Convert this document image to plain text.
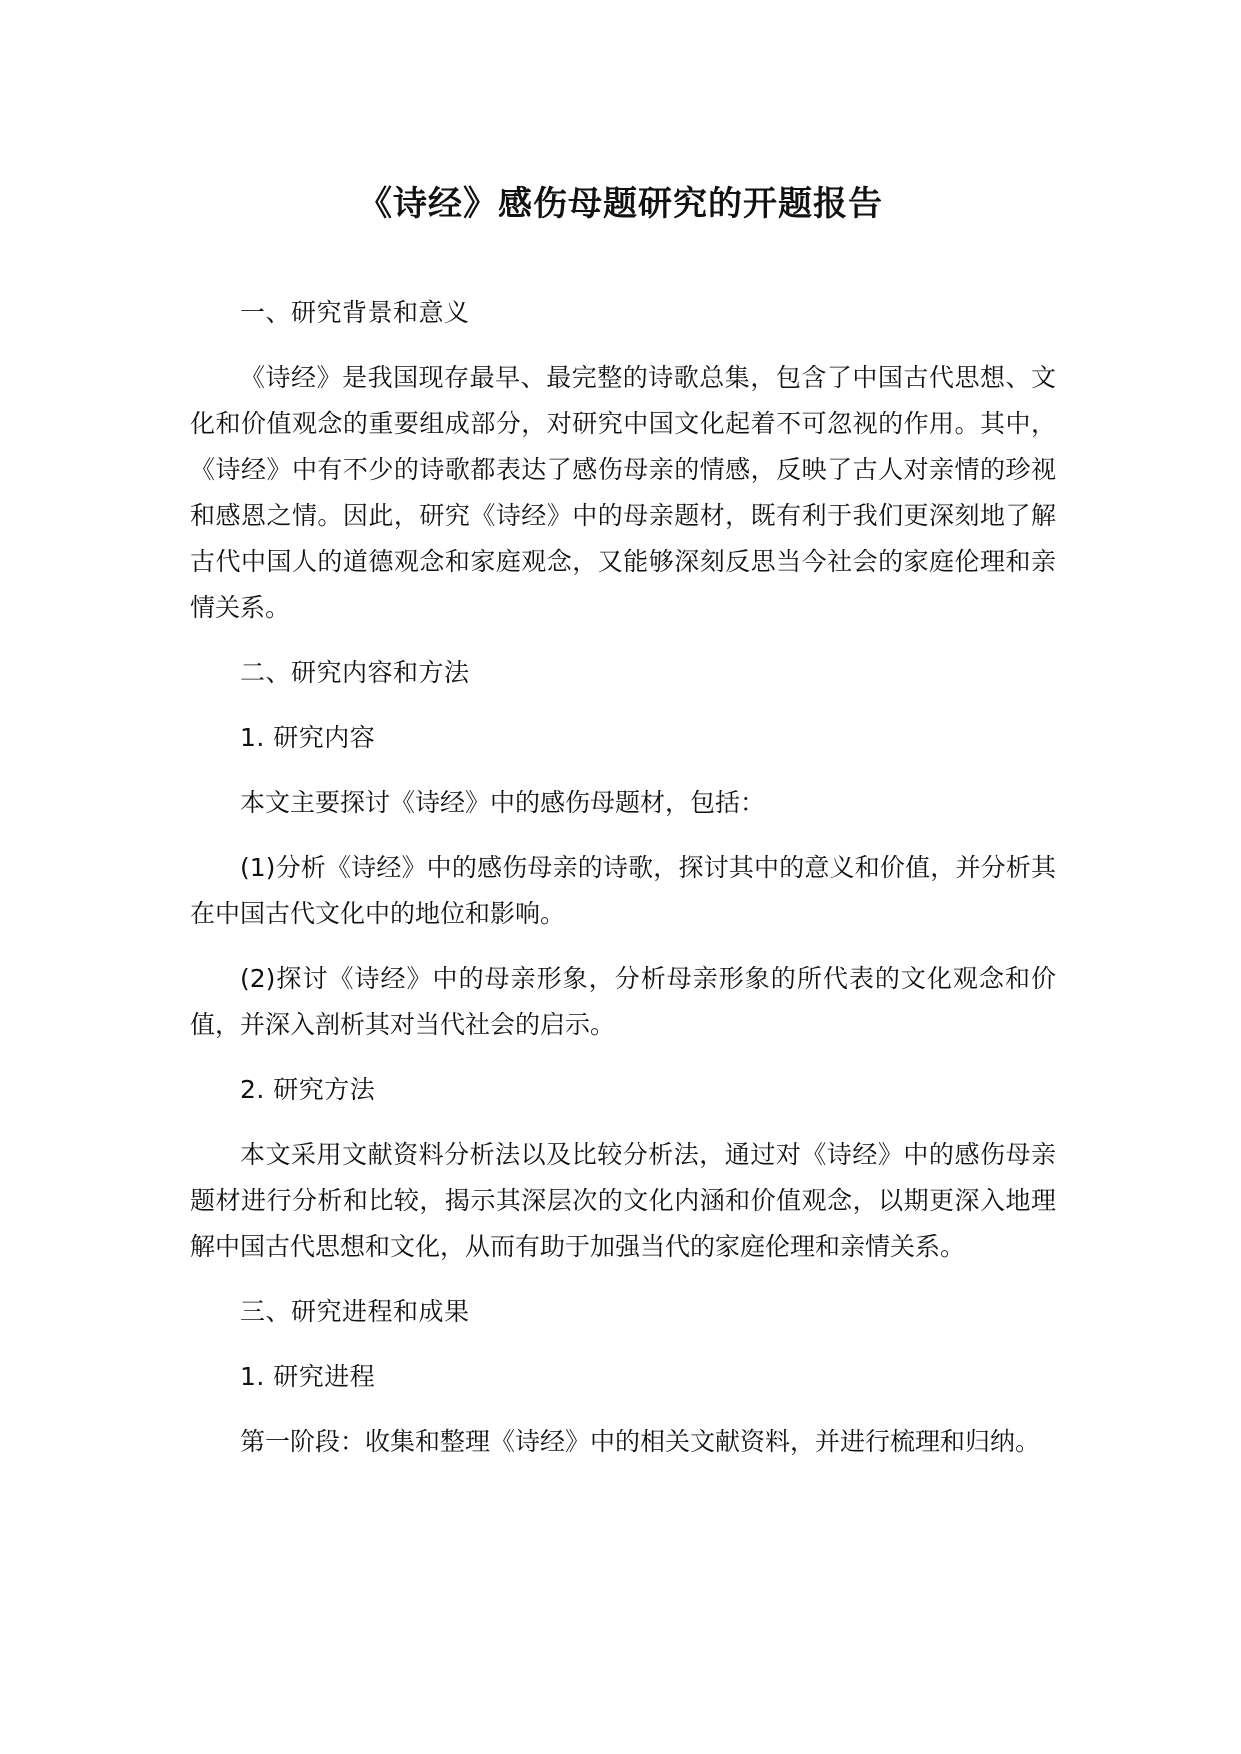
《诗经》感伤母题研究的开题报告

一、研究背景和意义

《诗经》是我国现存最早、最完整的诗歌总集，包含了中国古代思想、文化和价值观念的重要组成部分，对研究中国文化起着不可忽视的作用。其中，《诗经》中有不少的诗歌都表达了感伤母亲的情感，反映了古人对亲情的珍视和感恩之情。因此，研究《诗经》中的母亲题材，既有利于我们更深刻地了解古代中国人的道德观念和家庭观念，又能够深刻反思当今社会的家庭伦理和亲情关系。

二、研究内容和方法

1. 研究内容

本文主要探讨《诗经》中的感伤母题材，包括：

(1)分析《诗经》中的感伤母亲的诗歌，探讨其中的意义和价值，并分析其在中国古代文化中的地位和影响。

(2)探讨《诗经》中的母亲形象，分析母亲形象的所代表的文化观念和价值，并深入剖析其对当代社会的启示。

2. 研究方法

本文采用文献资料分析法以及比较分析法，通过对《诗经》中的感伤母亲题材进行分析和比较，揭示其深层次的文化内涵和价值观念，以期更深入地理解中国古代思想和文化，从而有助于加强当代的家庭伦理和亲情关系。

三、研究进程和成果

1. 研究进程

第一阶段：收集和整理《诗经》中的相关文献资料，并进行梳理和归纳。
